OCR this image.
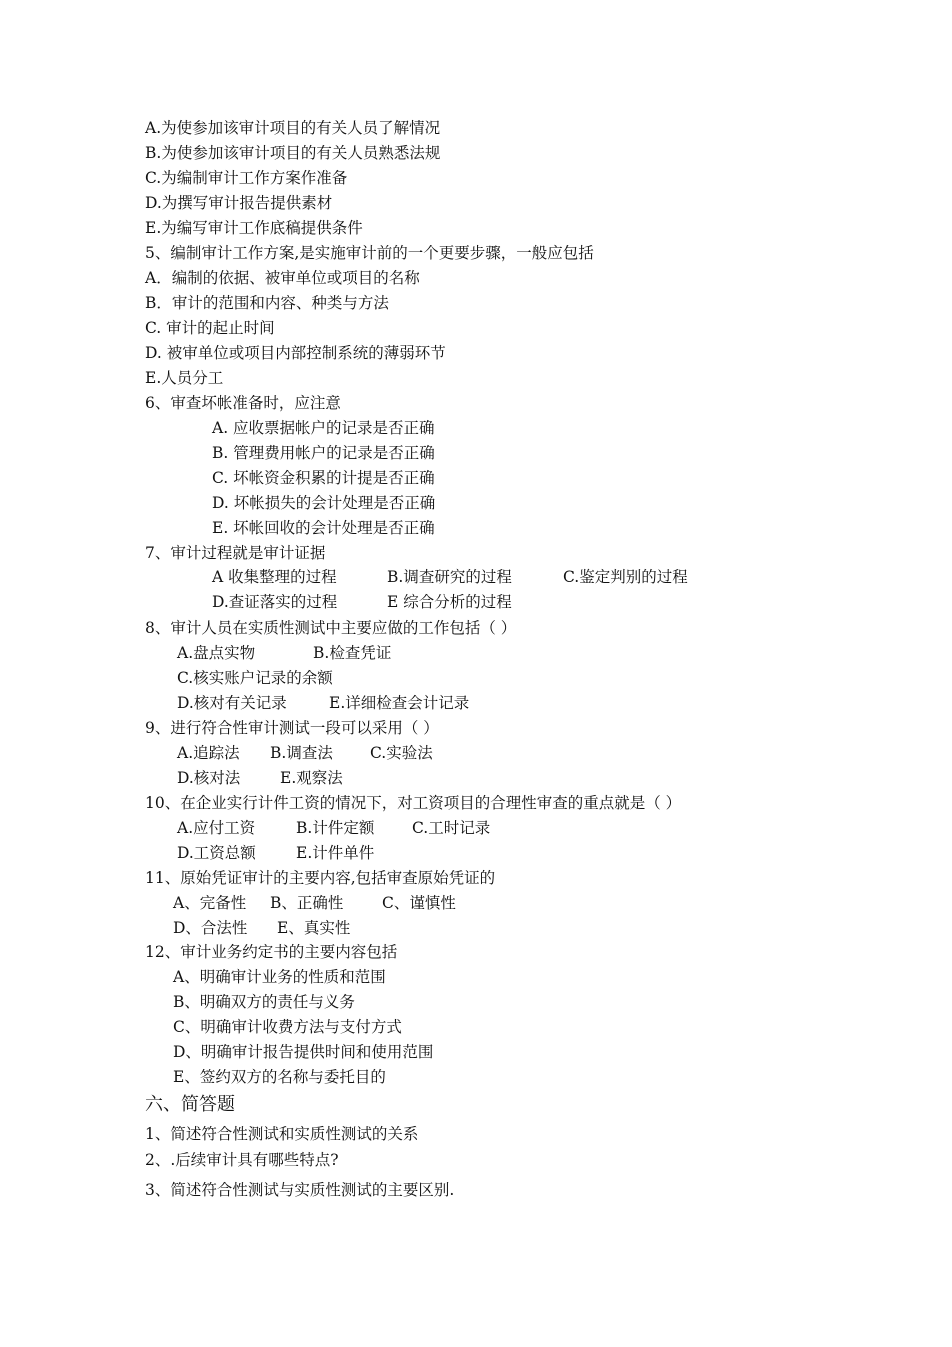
A.为使参加该审计项目的有关人员了解情况
B.为使参加该审计项目的有关人员熟悉法规
C.为编制审计工作方案作准备
D.为撰写审计报告提供素材
E.为编写审计工作底稿提供条件
5、编制审计工作方案,是实施审计前的一个更要步骤，一般应包括
A．编制的依据、被审单位或项目的名称
B．审计的范围和内容、种类与方法
C. 审计的起止时间
D. 被审单位或项目内部控制系统的薄弱环节
E.人员分工
6、审查坏帐准备时，应注意
A. 应收票据帐户的记录是否正确
B. 管理费用帐户的记录是否正确
C. 坏帐资金积累的计提是否正确
D. 坏帐损失的会计处理是否正确
E. 坏帐回收的会计处理是否正确
7、审计过程就是审计证据
A 收集整理的过程	B.调查研究的过程	C.鉴定判别的过程
D.查证落实的过程	E 综合分析的过程
8、审计人员在实质性测试中主要应做的工作包括（ ）
A.盘点实物	B.检查凭证
C.核实账户记录的余额
D.核对有关记录	E.详细检查会计记录
9、进行符合性审计测试一段可以采用（ ）
A.追踪法 B.调查法 C.实验法
D.核对法	E.观察法
10、在企业实行计件工资的情况下，对工资项目的合理性审查的重点就是（ ）
A.应付工资	B.计件定额 C.工时记录
D.工资总额	E.计件单件
11、原始凭证审计的主要内容,包括审查原始凭证的
A、完备性 B、正确性 C、谨慎性
D、合法性 E、真实性
12、审计业务约定书的主要内容包括
A、明确审计业务的性质和范围
B、明确双方的责任与义务
C、明确审计收费方法与支付方式
D、明确审计报告提供时间和使用范围
E、签约双方的名称与委托目的
六、简答题
1、简述符合性测试和实质性测试的关系
2、.后续审计具有哪些特点?
3、简述符合性测试与实质性测试的主要区别.
